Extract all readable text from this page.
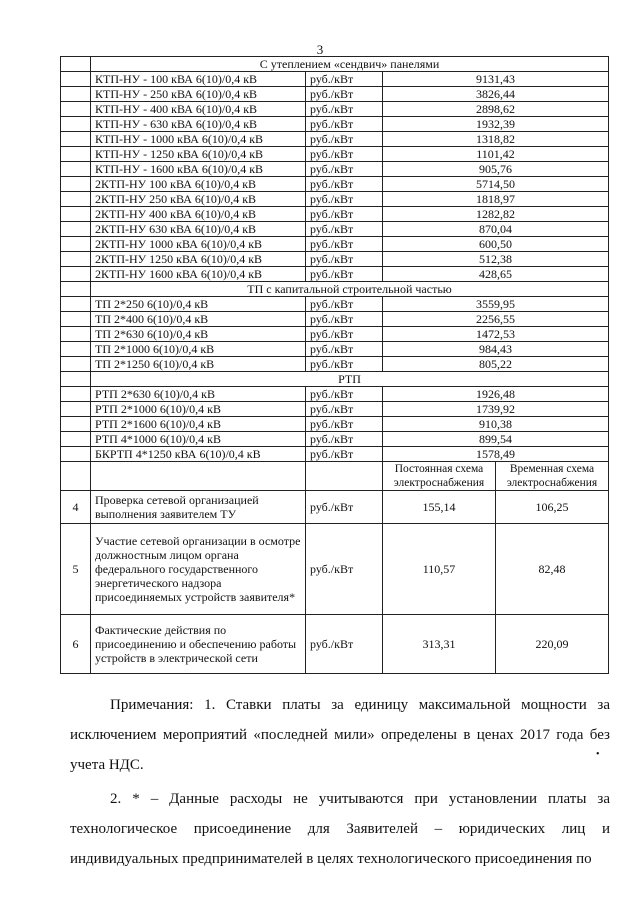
3
	С утеплением «сендвич» панелями			
	КТП-НУ - 100 кВА 6(10)/0,4 кВ	руб./кВт	9131,43	
	КТП-НУ - 250 кВА 6(10)/0,4 кВ	руб./кВт	3826,44	
	КТП-НУ - 400 кВА 6(10)/0,4 кВ	руб./кВт	2898,62	
	КТП-НУ - 630 кВА 6(10)/0,4 кВ	руб./кВт	1932,39	
	КТП-НУ - 1000 кВА 6(10)/0,4 кВ	руб./кВт	1318,82	
	КТП-НУ - 1250 кВА 6(10)/0,4 кВ	руб./кВт	1101,42	
	КТП-НУ - 1600 кВА 6(10)/0,4 кВ	руб./кВт	905,76	
	2КТП-НУ 100 кВА 6(10)/0,4 кВ	руб./кВт	5714,50	
	2КТП-НУ 250 кВА 6(10)/0,4 кВ	руб./кВт	1818,97	
	2КТП-НУ 400 кВА 6(10)/0,4 кВ	руб./кВт	1282,82	
	2КТП-НУ 630 кВА 6(10)/0,4 кВ	руб./кВт	870,04	
	2КТП-НУ 1000 кВА 6(10)/0,4 кВ	руб./кВт	600,50	
	2КТП-НУ 1250 кВА 6(10)/0,4 кВ	руб./кВт	512,38	
	2КТП-НУ 1600 кВА 6(10)/0,4 кВ	руб./кВт	428,65	
	ТП с капитальной строительной частью			
	ТП 2*250 6(10)/0,4 кВ	руб./кВт	3559,95	
	ТП 2*400 6(10)/0,4 кВ	руб./кВт	2256,55	
	ТП 2*630 6(10)/0,4 кВ	руб./кВт	1472,53	
	ТП 2*1000 6(10)/0,4 кВ	руб./кВт	984,43	
	ТП 2*1250 6(10)/0,4 кВ	руб./кВт	805,22	
	РТП			
	РТП 2*630 6(10)/0,4 кВ	руб./кВт	1926,48	
	РТП 2*1000 6(10)/0,4 кВ	руб./кВт	1739,92	
	РТП 2*1600 6(10)/0,4 кВ	руб./кВт	910,38	
	РТП 4*1000 6(10)/0,4 кВ	руб./кВт	899,54	
	БКРТП 4*1250 кВА 6(10)/0,4 кВ	руб./кВт	1578,49	
			Постоянная схема электроснабжения	Временная схема электроснабжения
4	Проверка сетевой организацией выполнения заявителем ТУ	руб./кВт	155,14	106,25
5	Участие сетевой организации в осмотре должностным лицом органа федерального государственного энергетического надзора присоединяемых устройств заявителя*	руб./кВт	110,57	82,48
6	Фактические действия по присоединению и обеспечению работы устройств в электрической сети	руб./кВт	313,31	220,09

Примечания: 1. Ставки платы за единицу максимальной мощности за исключением мероприятий «последней мили» определены в ценах 2017 года без учета НДС.

2. * – Данные расходы не учитываются при установлении платы за технологическое присоединение для Заявителей – юридических лиц и индивидуальных предпринимателей в целях технологического присоединения по

•
